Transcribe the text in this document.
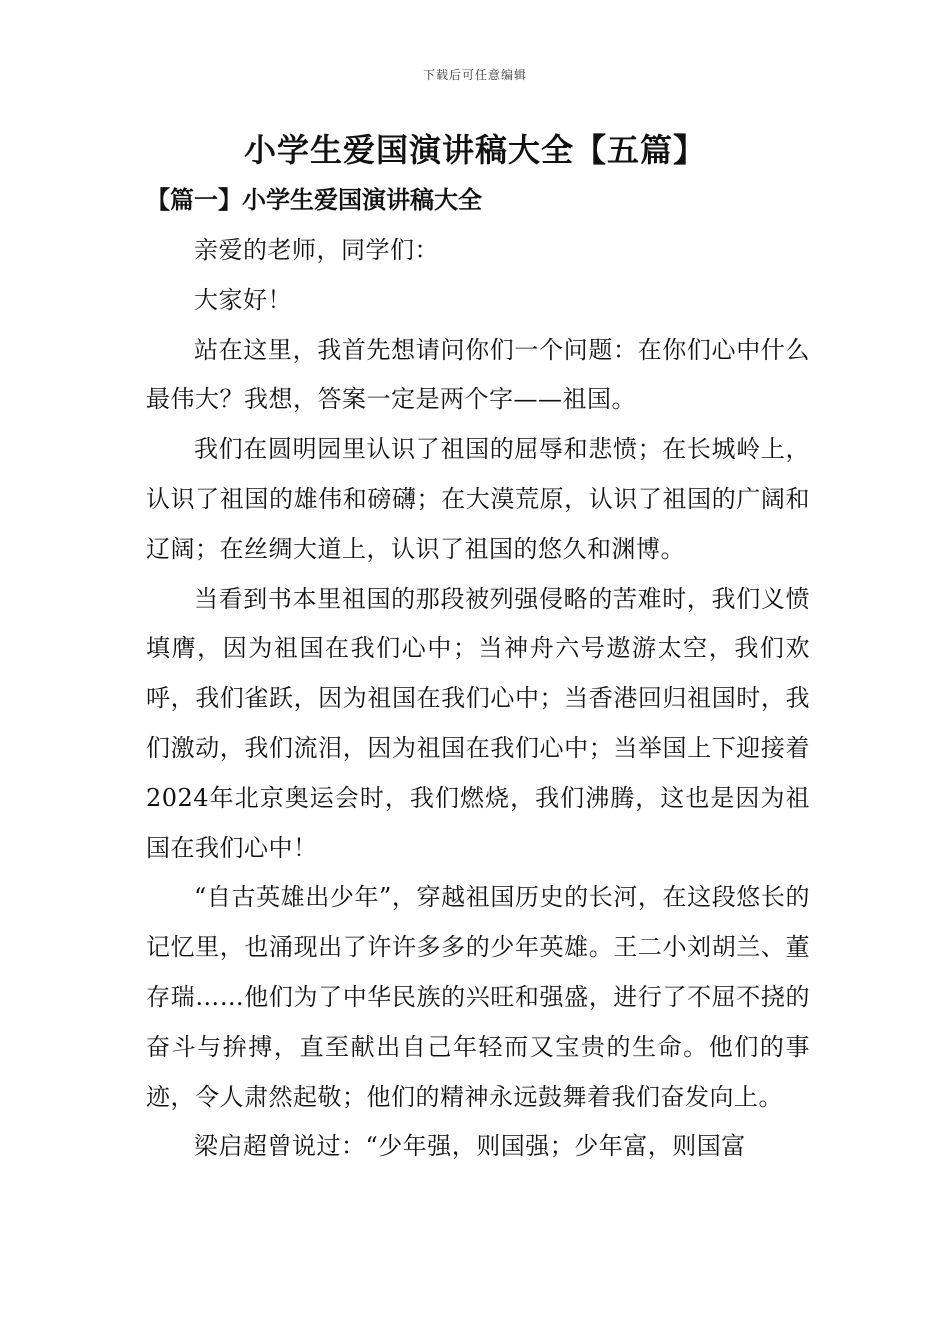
下载后可任意编辑
小学生爱国演讲稿大全【五篇】
【篇一】小学生爱国演讲稿大全

亲爱的老师，同学们：

大家好！

站在这里，我首先想请问你们一个问题：在你们心中什么最伟大？我想，答案一定是两个字——祖国。

我们在圆明园里认识了祖国的屈辱和悲愤；在长城岭上，认识了祖国的雄伟和磅礴；在大漠荒原，认识了祖国的广阔和辽阔；在丝绸大道上，认识了祖国的悠久和渊博。

当看到书本里祖国的那段被列强侵略的苦难时，我们义愤填膺，因为祖国在我们心中；当神舟六号遨游太空，我们欢呼，我们雀跃，因为祖国在我们心中；当香港回归祖国时，我们激动，我们流泪，因为祖国在我们心中；当举国上下迎接着2024年北京奥运会时，我们燃烧，我们沸腾，这也是因为祖国在我们心中！

“自古英雄出少年”，穿越祖国历史的长河，在这段悠长的记忆里，也涌现出了许许多多的少年英雄。王二小刘胡兰、董存瑞……他们为了中华民族的兴旺和强盛，进行了不屈不挠的奋斗与拚搏，直至献出自己年轻而又宝贵的生命。他们的事迹，令人肃然起敬；他们的精神永远鼓舞着我们奋发向上。

梁启超曾说过：“少年强，则国强；少年富，则国富
